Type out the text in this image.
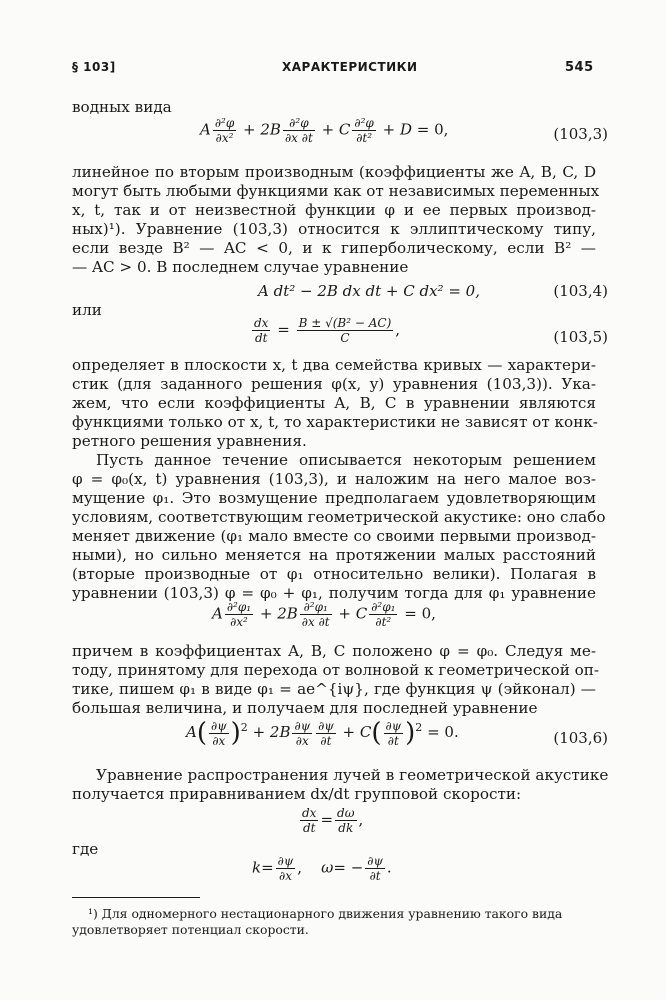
§ 103]	ХАРАКТЕРИСТИКИ	545
водных вида
A $\frac{\text{∂²φ}}{\text{∂x²}} + 2B \frac{\text{∂²φ}}{\partial x \partial t} + C \frac{\text{∂²φ}}{\text{∂t²}} + D = 0$,	(103,3)
линейное по вторым производным (коэффициенты же A, B, C, D
могут быть любыми функциями как от независимых переменных
x, t, так и от неизвестной функции φ и ее первых производ-
ных)¹). Уравнение (103,3) относится к эллиптическому типу,
если везде B² — AC < 0, и к гиперболическому, если B² —
— AC > 0. В последнем случае уравнение
A dt² − 2B dx dt + C dx² = 0,	(103,4)
или
$\frac{dx}{dt} = \frac{\text{B ± √(B² − AC)}}{C}$ ,	(103,5)
определяет в плоскости x, t два семейства кривых — характери-
стик (для заданного решения φ(x, y) уравнения (103,3)). Ука-
жем, что если коэффициенты A, B, C в уравнении являются
функциями только от x, t, то характеристики не зависят от конк-
ретного решения уравнения.
Пусть данное течение описывается некоторым решением
φ = φ₀(x, t) уравнения (103,3), и наложим на него малое воз-
мущение φ₁. Это возмущение предполагаем удовлетворяющим
условиям, соответствующим геометрической акустике: оно слабо
меняет движение (φ₁ мало вместе со своими первыми производ-
ными), но сильно меняется на протяжении малых расстояний
(вторые производные от φ₁ относительно велики). Полагая в
уравнении (103,3) φ = φ₀ + φ₁, получим тогда для φ₁ уравнение
A $\frac{\text{∂²φ₁}}{\text{∂x²}} + 2B \frac{\text{∂²φ₁}}{\partial x \partial t} + C \frac{\text{∂²φ₁}}{\text{∂t²}} = 0$,
причем в коэффициентах A, B, C положено φ = φ₀. Следуя ме-
тоду, принятому для перехода от волновой к геометрической оп-
тике, пишем φ₁ в виде φ₁ = ae^{iψ}, где функция ψ (эйконал) —
большая величина, и получаем для последней уравнение
$A( \frac{\partial\psi}{\partial x} )^2 + 2B \frac{\partial\psi}{\partial x} \frac{\partial\psi}{\partial t} + C( \frac{\partial\psi}{\partial t} )^2 = 0$.	(103,6)
Уравнение распространения лучей в геометрической акустике
получается приравниванием dx/dt групповой скорости:
$\frac{dx}{dt} = \frac{d\omega}{dk}$ ,
где
$k= \frac{\partial\psi}{\partial x}$ ,    $\omega= - \frac{\partial\psi}{\partial t}$ .
¹) Для одномерного нестационарного движения уравнению такого вида
удовлетворяет потенциал скорости.
